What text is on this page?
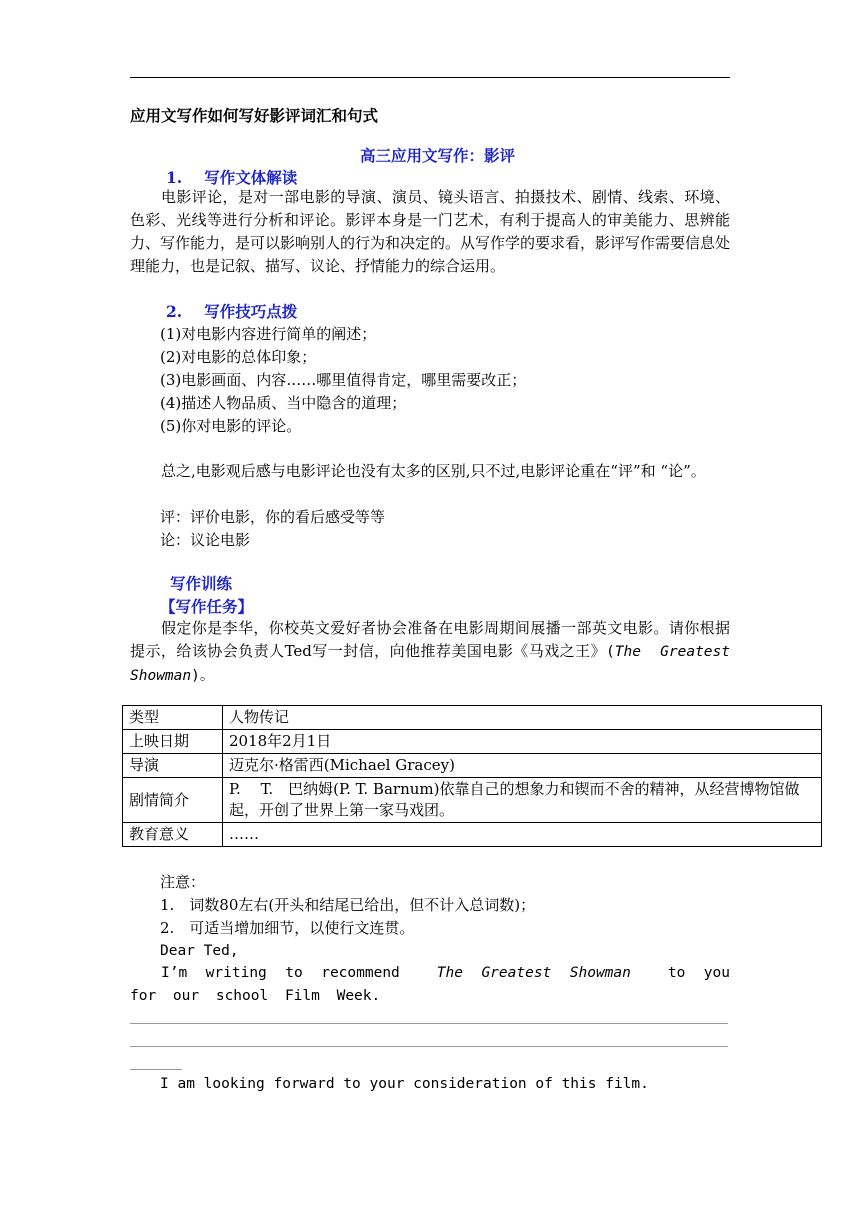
应用文写作如何写好影评词汇和句式
高三应用文写作：影评
1. 写作文体解读
电影评论，是对一部电影的导演、演员、镜头语言、拍摄技术、剧情、线索、环境、色彩、光线等进行分析和评论。影评本身是一门艺术，有利于提高人的审美能力、思辨能力、写作能力，是可以影响别人的行为和决定的。从写作学的要求看，影评写作需要信息处理能力，也是记叙、描写、议论、抒情能力的综合运用。
2. 写作技巧点拨
(1)对电影内容进行简单的阐述；
(2)对电影的总体印象；
(3)电影画面、内容……哪里值得肯定，哪里需要改正；
(4)描述人物品质、当中隐含的道理；
(5)你对电影的评论。
总之,电影观后感与电影评论也没有太多的区别,只不过,电影评论重在“评”和 “论”。
评：评价电影，你的看后感受等等
论：议论电影
写作训练
【写作任务】
假定你是李华，你校英文爱好者协会准备在电影周期间展播一部英文电影。请你根据提示，给该协会负责人Ted写一封信，向他推荐美国电影《马戏之王》(The Greatest Showman)。
类型	人物传记
上映日期	2018年2月1日
导演	迈克尔·格雷西(Michael Gracey)
剧情简介	P.　 T.　巴纳姆(P. T. Barnum)依靠自己的想象力和锲而不舍的精神，从经营博物馆做起，开创了世界上第一家马戏团。
教育意义	……
注意：
1.　词数80左右(开头和结尾已给出，但不计入总词数)；
2.　可适当增加细节，以使行文连贯。
Dear Ted,
I’m writing to recommend	The Greatest Showman	to you for our school Film Week.
I am looking forward to your consideration of this film.
